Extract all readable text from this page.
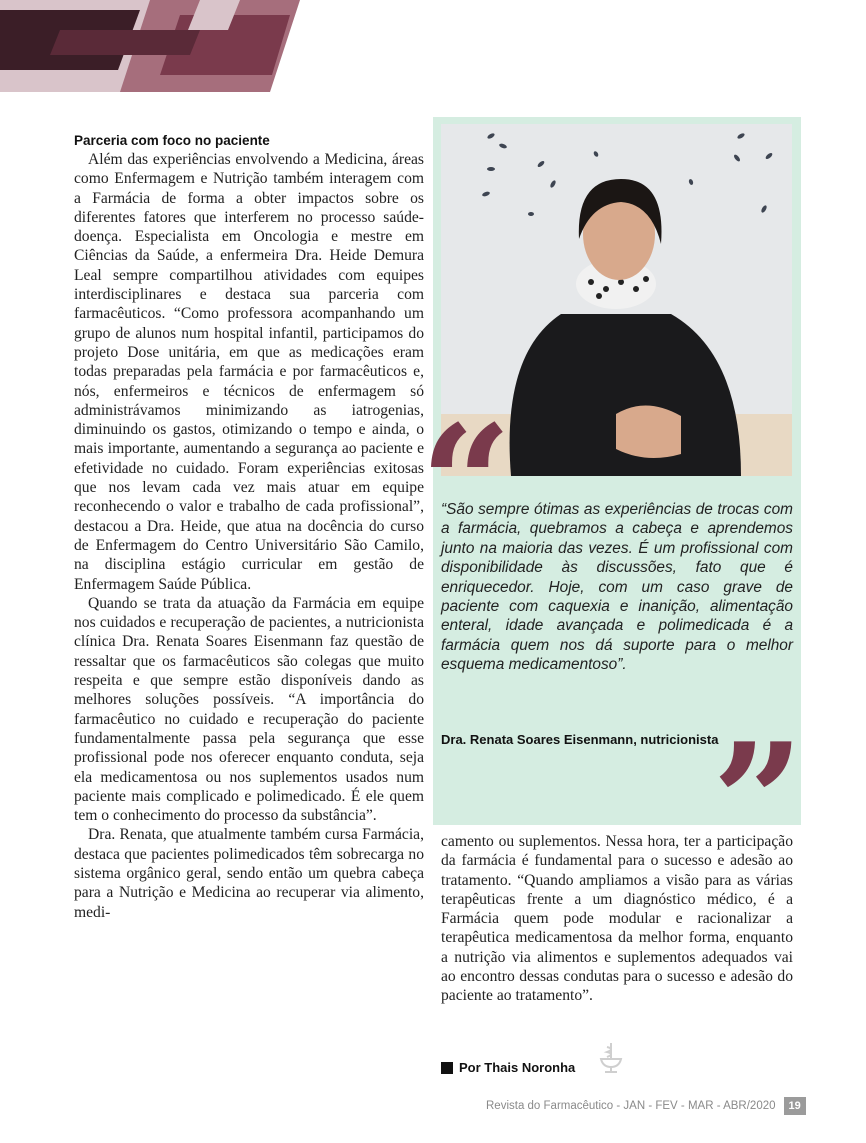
Parceria com foco no paciente

Além das experiências envolvendo a Medicina, áreas como Enfermagem e Nutrição também interagem com a Farmácia de forma a obter impactos sobre os diferentes fatores que interferem no processo saúde-doença. Especialista em Oncologia e mestre em Ciências da Saúde, a enfermeira Dra. Heide Demura Leal sempre compartilhou atividades com equipes interdisciplinares e destaca sua parceria com farmacêuticos. “Como professora acompanhando um grupo de alunos num hospital infantil, participamos do projeto Dose unitária, em que as medicações eram todas preparadas pela farmácia e por farmacêuticos e, nós, enfermeiros e técnicos de enfermagem só administrávamos minimizando as iatrogenias, diminuindo os gastos, otimizando o tempo e ainda, o mais importante, aumentando a segurança ao paciente e efetividade no cuidado. Foram experiências exitosas que nos levam cada vez mais atuar em equipe reconhecendo o valor e trabalho de cada profissional”, destacou a Dra. Heide, que atua na docência do curso de Enfermagem do Centro Universitário São Camilo, na disciplina estágio curricular em gestão de Enfermagem Saúde Pública.

Quando se trata da atuação da Farmácia em equipe nos cuidados e recuperação de pacientes, a nutricionista clínica Dra. Renata Soares Eisenmann faz questão de ressaltar que os farmacêuticos são colegas que muito respeita e que sempre estão disponíveis dando as melhores soluções possíveis. “A importância do farmacêutico no cuidado e recuperação do paciente fundamentalmente passa pela segurança que esse profissional pode nos oferecer enquanto conduta, seja ela medicamentosa ou nos suplementos usados num paciente mais complicado e polimedicado. É ele quem tem o conhecimento do processo da substância”.

Dra. Renata, que atualmente também cursa Farmácia, destaca que pacientes polimedicados têm sobrecarga no sistema orgânico geral, sendo então um quebra cabeça para a Nutrição e Medicina ao recuperar via alimento, medi-

“

“São sempre ótimas as experiências de trocas com a farmácia, quebramos a cabeça e aprendemos junto na maioria das vezes. É um profissional com disponibilidade às discussões, fato que é enriquecedor. Hoje, com um caso grave de paciente com caquexia e inanição, alimentação enteral, idade avançada e polimedicada é a farmácia quem nos dá suporte para o melhor esquema medicamentoso”.

Dra. Renata Soares Eisenmann, nutricionista

”

camento ou suplementos. Nessa hora, ter a participação da farmácia é fundamental para o sucesso e adesão ao tratamento. “Quando ampliamos a visão para as várias terapêuticas frente a um diagnóstico médico, é a Farmácia quem pode modular e racionalizar a terapêutica medicamentosa da melhor forma, enquanto a nutrição via alimentos e suplementos adequados vai ao encontro dessas condutas para o sucesso e adesão do paciente ao tratamento”.

Por Thais Noronha
Revista do Farmacêutico - JAN - FEV - MAR - ABR/2020	19
